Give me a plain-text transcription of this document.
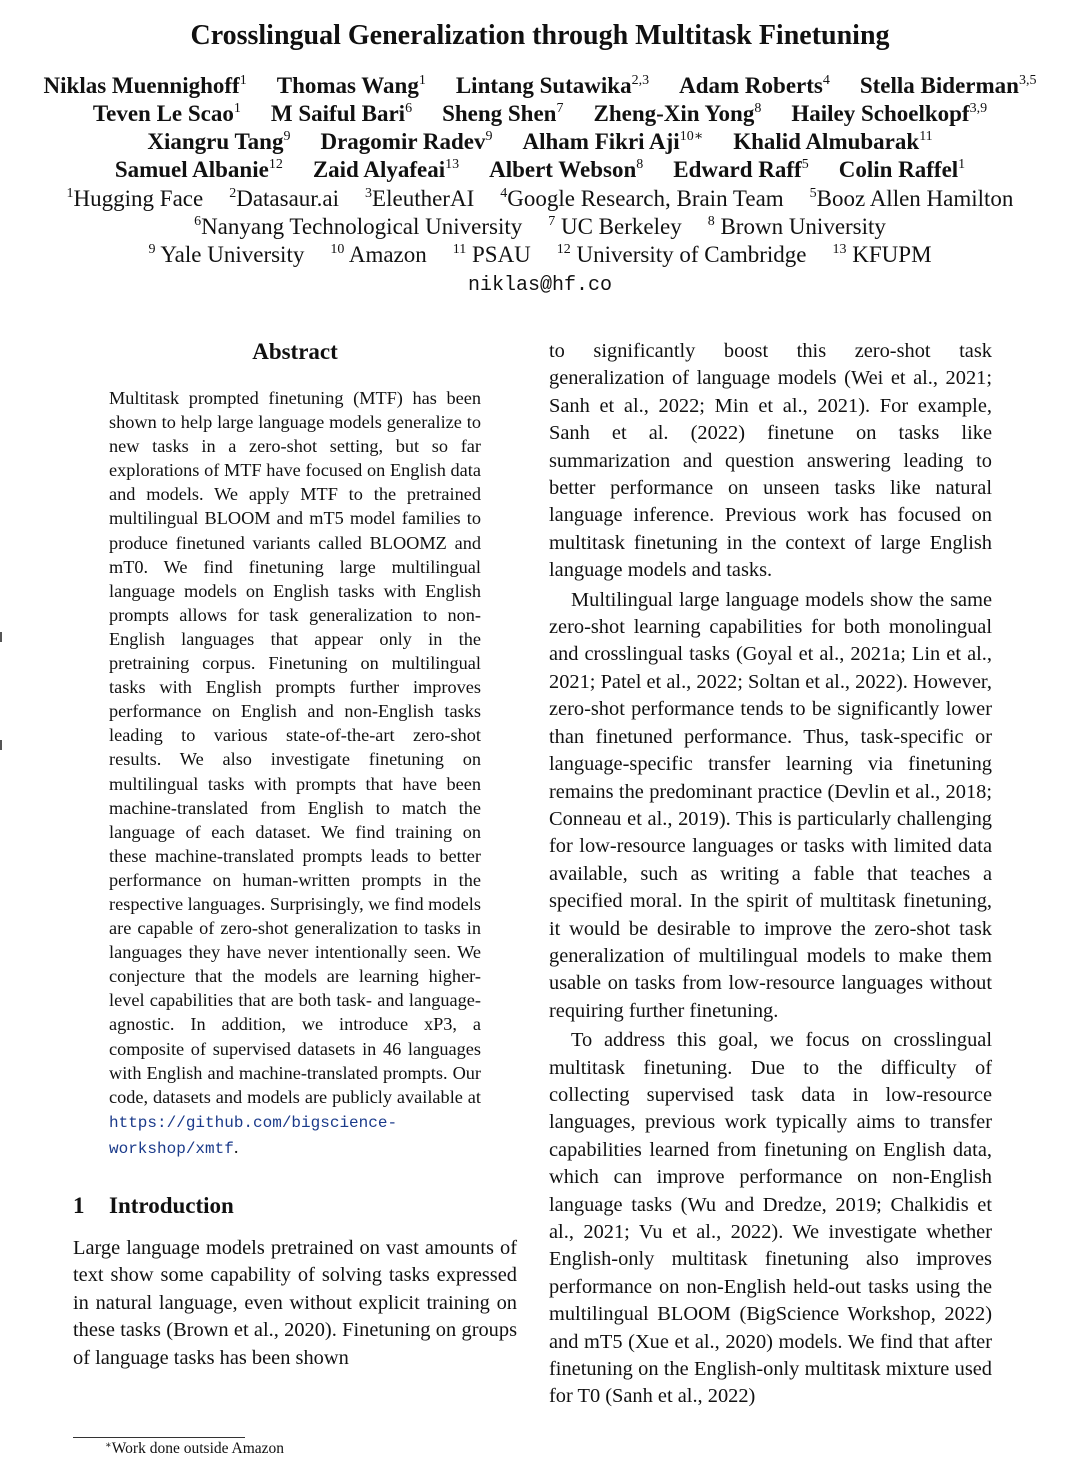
Crosslingual Generalization through Multitask Finetuning
Niklas Muennighoff$^1$ Thomas Wang$^1$ Lintang Sutawika$^{2,3}$ Adam Roberts$^4$ Stella Biderman$^{3,5}$
Teven Le Scao$^1$ M Saiful Bari$^6$ Sheng Shen$^7$ Zheng-Xin Yong$^8$ Hailey Schoelkopf$^{3,9}$
Xiangru Tang$^9$ Dragomir Radev$^9$ Alham Fikri Aji$^{10∗}$ Khalid Almubarak$^{11}$
Samuel Albanie$^{12}$ Zaid Alyafeai$^{13}$ Albert Webson$^8$ Edward Raff$^5$ Colin Raffel$^1$
$^1$Hugging Face $^2$Datasaur.ai $^3$EleutherAI $^4$Google Research, Brain Team $^5$Booz Allen Hamilton
$^6$Nanyang Technological University $^7$ UC Berkeley $^8$ Brown University
$^9$ Yale University $^{10}$ Amazon $^{11}$ PSAU $^{12}$ University of Cambridge $^{13}$ KFUPM
niklas@hf.co
Abstract

Multitask prompted finetuning (MTF) has been shown to help large language models generalize to new tasks in a zero-shot setting, but so far explorations of MTF have focused on English data and models. We apply MTF to the pretrained multilingual BLOOM and mT5 model families to produce finetuned variants called BLOOMZ and mT0. We find finetuning large multilingual language models on English tasks with English prompts allows for task generalization to non-English languages that appear only in the pretraining corpus. Finetuning on multilingual tasks with English prompts further improves performance on English and non-English tasks leading to various state-of-the-art zero-shot results. We also investigate finetuning on multilingual tasks with prompts that have been machine-translated from English to match the language of each dataset. We find training on these machine-translated prompts leads to better performance on human-written prompts in the respective languages. Surprisingly, we find models are capable of zero-shot generalization to tasks in languages they have never intentionally seen. We conjecture that the models are learning higher-level capabilities that are both task- and language-agnostic. In addition, we introduce xP3, a composite of supervised datasets in 46 languages with English and machine-translated prompts. Our code, datasets and models are publicly available at https://github.com/bigscience-workshop/xmtf.

1 Introduction

Large language models pretrained on vast amounts of text show some capability of solving tasks expressed in natural language, even without explicit training on these tasks (Brown et al., 2020). Finetuning on groups of language tasks has been shown

to significantly boost this zero-shot task generalization of language models (Wei et al., 2021; Sanh et al., 2022; Min et al., 2021). For example, Sanh et al. (2022) finetune on tasks like summarization and question answering leading to better performance on unseen tasks like natural language inference. Previous work has focused on multitask finetuning in the context of large English language models and tasks.

Multilingual large language models show the same zero-shot learning capabilities for both monolingual and crosslingual tasks (Goyal et al., 2021a; Lin et al., 2021; Patel et al., 2022; Soltan et al., 2022). However, zero-shot performance tends to be significantly lower than finetuned performance. Thus, task-specific or language-specific transfer learning via finetuning remains the predominant practice (Devlin et al., 2018; Conneau et al., 2019). This is particularly challenging for low-resource languages or tasks with limited data available, such as writing a fable that teaches a specified moral. In the spirit of multitask finetuning, it would be desirable to improve the zero-shot task generalization of multilingual models to make them usable on tasks from low-resource languages without requiring further finetuning.

To address this goal, we focus on crosslingual multitask finetuning. Due to the difficulty of collecting supervised task data in low-resource languages, previous work typically aims to transfer capabilities learned from finetuning on English data, which can improve performance on non-English language tasks (Wu and Dredze, 2019; Chalkidis et al., 2021; Vu et al., 2022). We investigate whether English-only multitask finetuning also improves performance on non-English held-out tasks using the multilingual BLOOM (BigScience Workshop, 2022) and mT5 (Xue et al., 2020) models. We find that after finetuning on the English-only multitask mixture used for T0 (Sanh et al., 2022)

∗Work done outside Amazon
